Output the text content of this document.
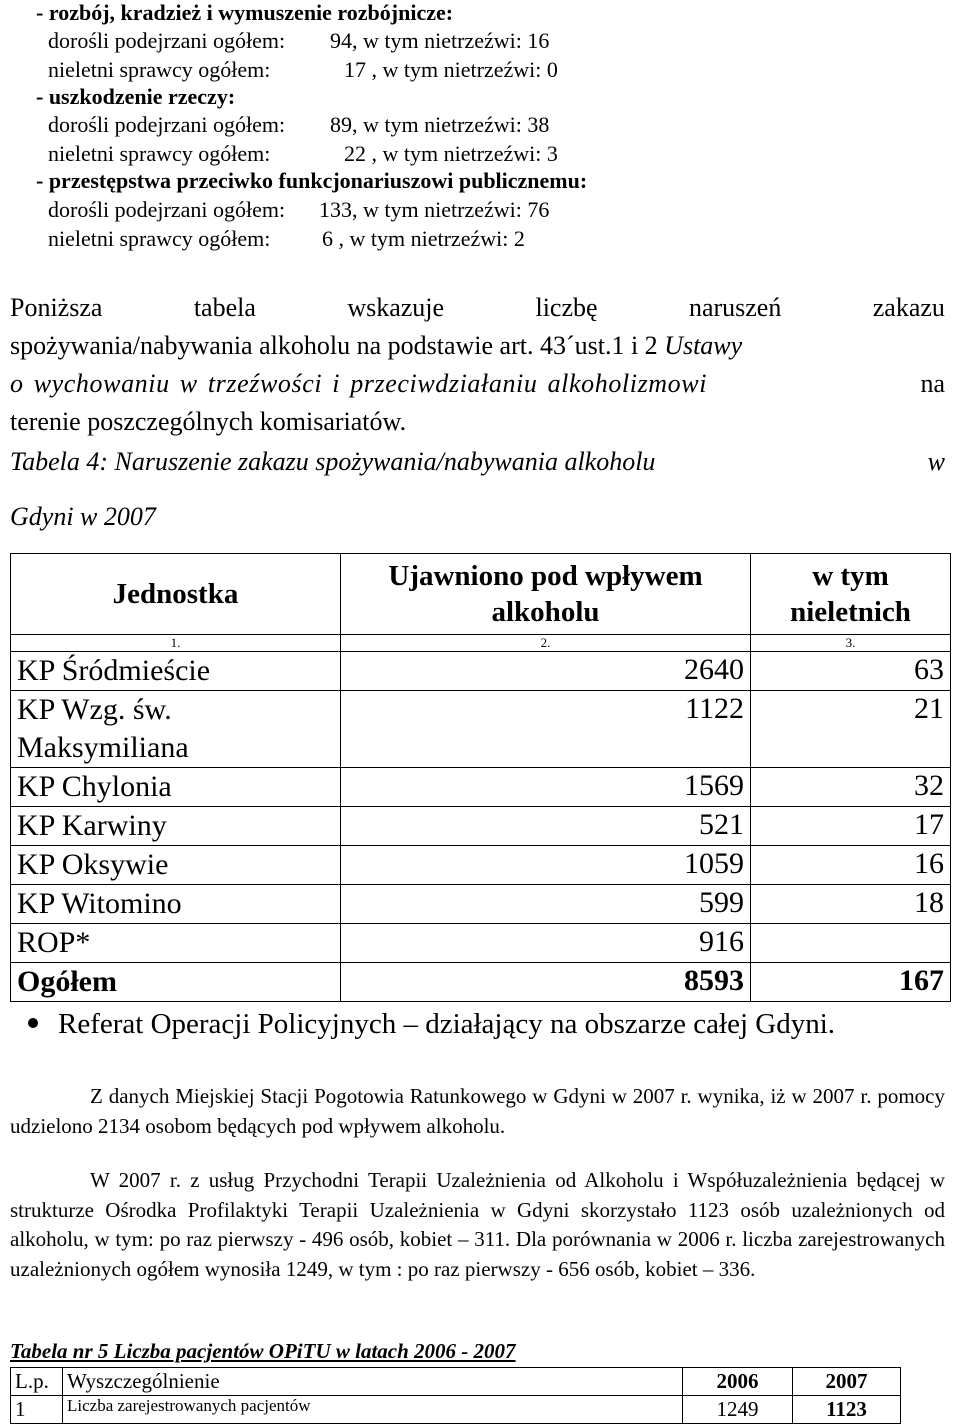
- rozbój, kradzież i wymuszenie rozbójnicze:
dorośli podejrzani ogółem: 94, w tym nietrzeźwi: 16
nieletni sprawcy ogółem:	17 , w tym nietrzeźwi: 0
- uszkodzenie rzeczy:
dorośli podejrzani ogółem: 89, w tym nietrzeźwi: 38
nieletni sprawcy ogółem:	22 , w tym nietrzeźwi: 3
- przestępstwa przeciwko funkcjonariuszowi publicznemu:
dorośli podejrzani ogółem: 133, w tym nietrzeźwi: 76
nieletni sprawcy ogółem: 6 , w tym nietrzeźwi: 2
Poniższa	tabela	wskazuje	liczbę	naruszeń	zakazu
spożywania/nabywania alkoholu na podstawie art. 43´ust.1 i 2 Ustawy
o wychowaniu w trzeźwości i przeciwdziałaniu alkoholizmowi	na
terenie poszczególnych komisariatów.
Tabela 4: Naruszenie zakazu spożywania/nabywania alkoholu	w
Gdyni w 2007
Jednostka	Ujawniono pod wpływem alkoholu	w tym nieletnich
1.	2.	3.
KP Śródmieście	2640	63
KP Wzg. św. Maksymiliana	1122	21
KP Chylonia	1569	32
KP Karwiny	521	17
KP Oksywie	1059	16
KP Witomino	599	18
ROP*	916	
Ogółem	8593	167
Referat Operacji Policyjnych – działający na obszarze całej Gdyni.
Z danych Miejskiej Stacji Pogotowia Ratunkowego w Gdyni w 2007 r. wynika, iż w 2007 r. pomocy udzielono 2134 osobom będących pod wpływem alkoholu.
W 2007 r. z usług Przychodni Terapii Uzależnienia od Alkoholu i Współuzależnienia będącej w strukturze Ośrodka Profilaktyki Terapii Uzależnienia w Gdyni skorzystało 1123 osób uzależnionych od alkoholu, w tym: po raz pierwszy - 496 osób, kobiet – 311. Dla porównania w 2006 r. liczba zarejestrowanych uzależnionych ogółem wynosiła 1249, w tym : po raz pierwszy - 656 osób, kobiet – 336.
Tabela nr 5 Liczba pacjentów OPiTU w latach 2006 - 2007
L.p.	Wyszczególnienie	2006	2007
1	Liczba zarejestrowanych pacjentów	1249	1123
